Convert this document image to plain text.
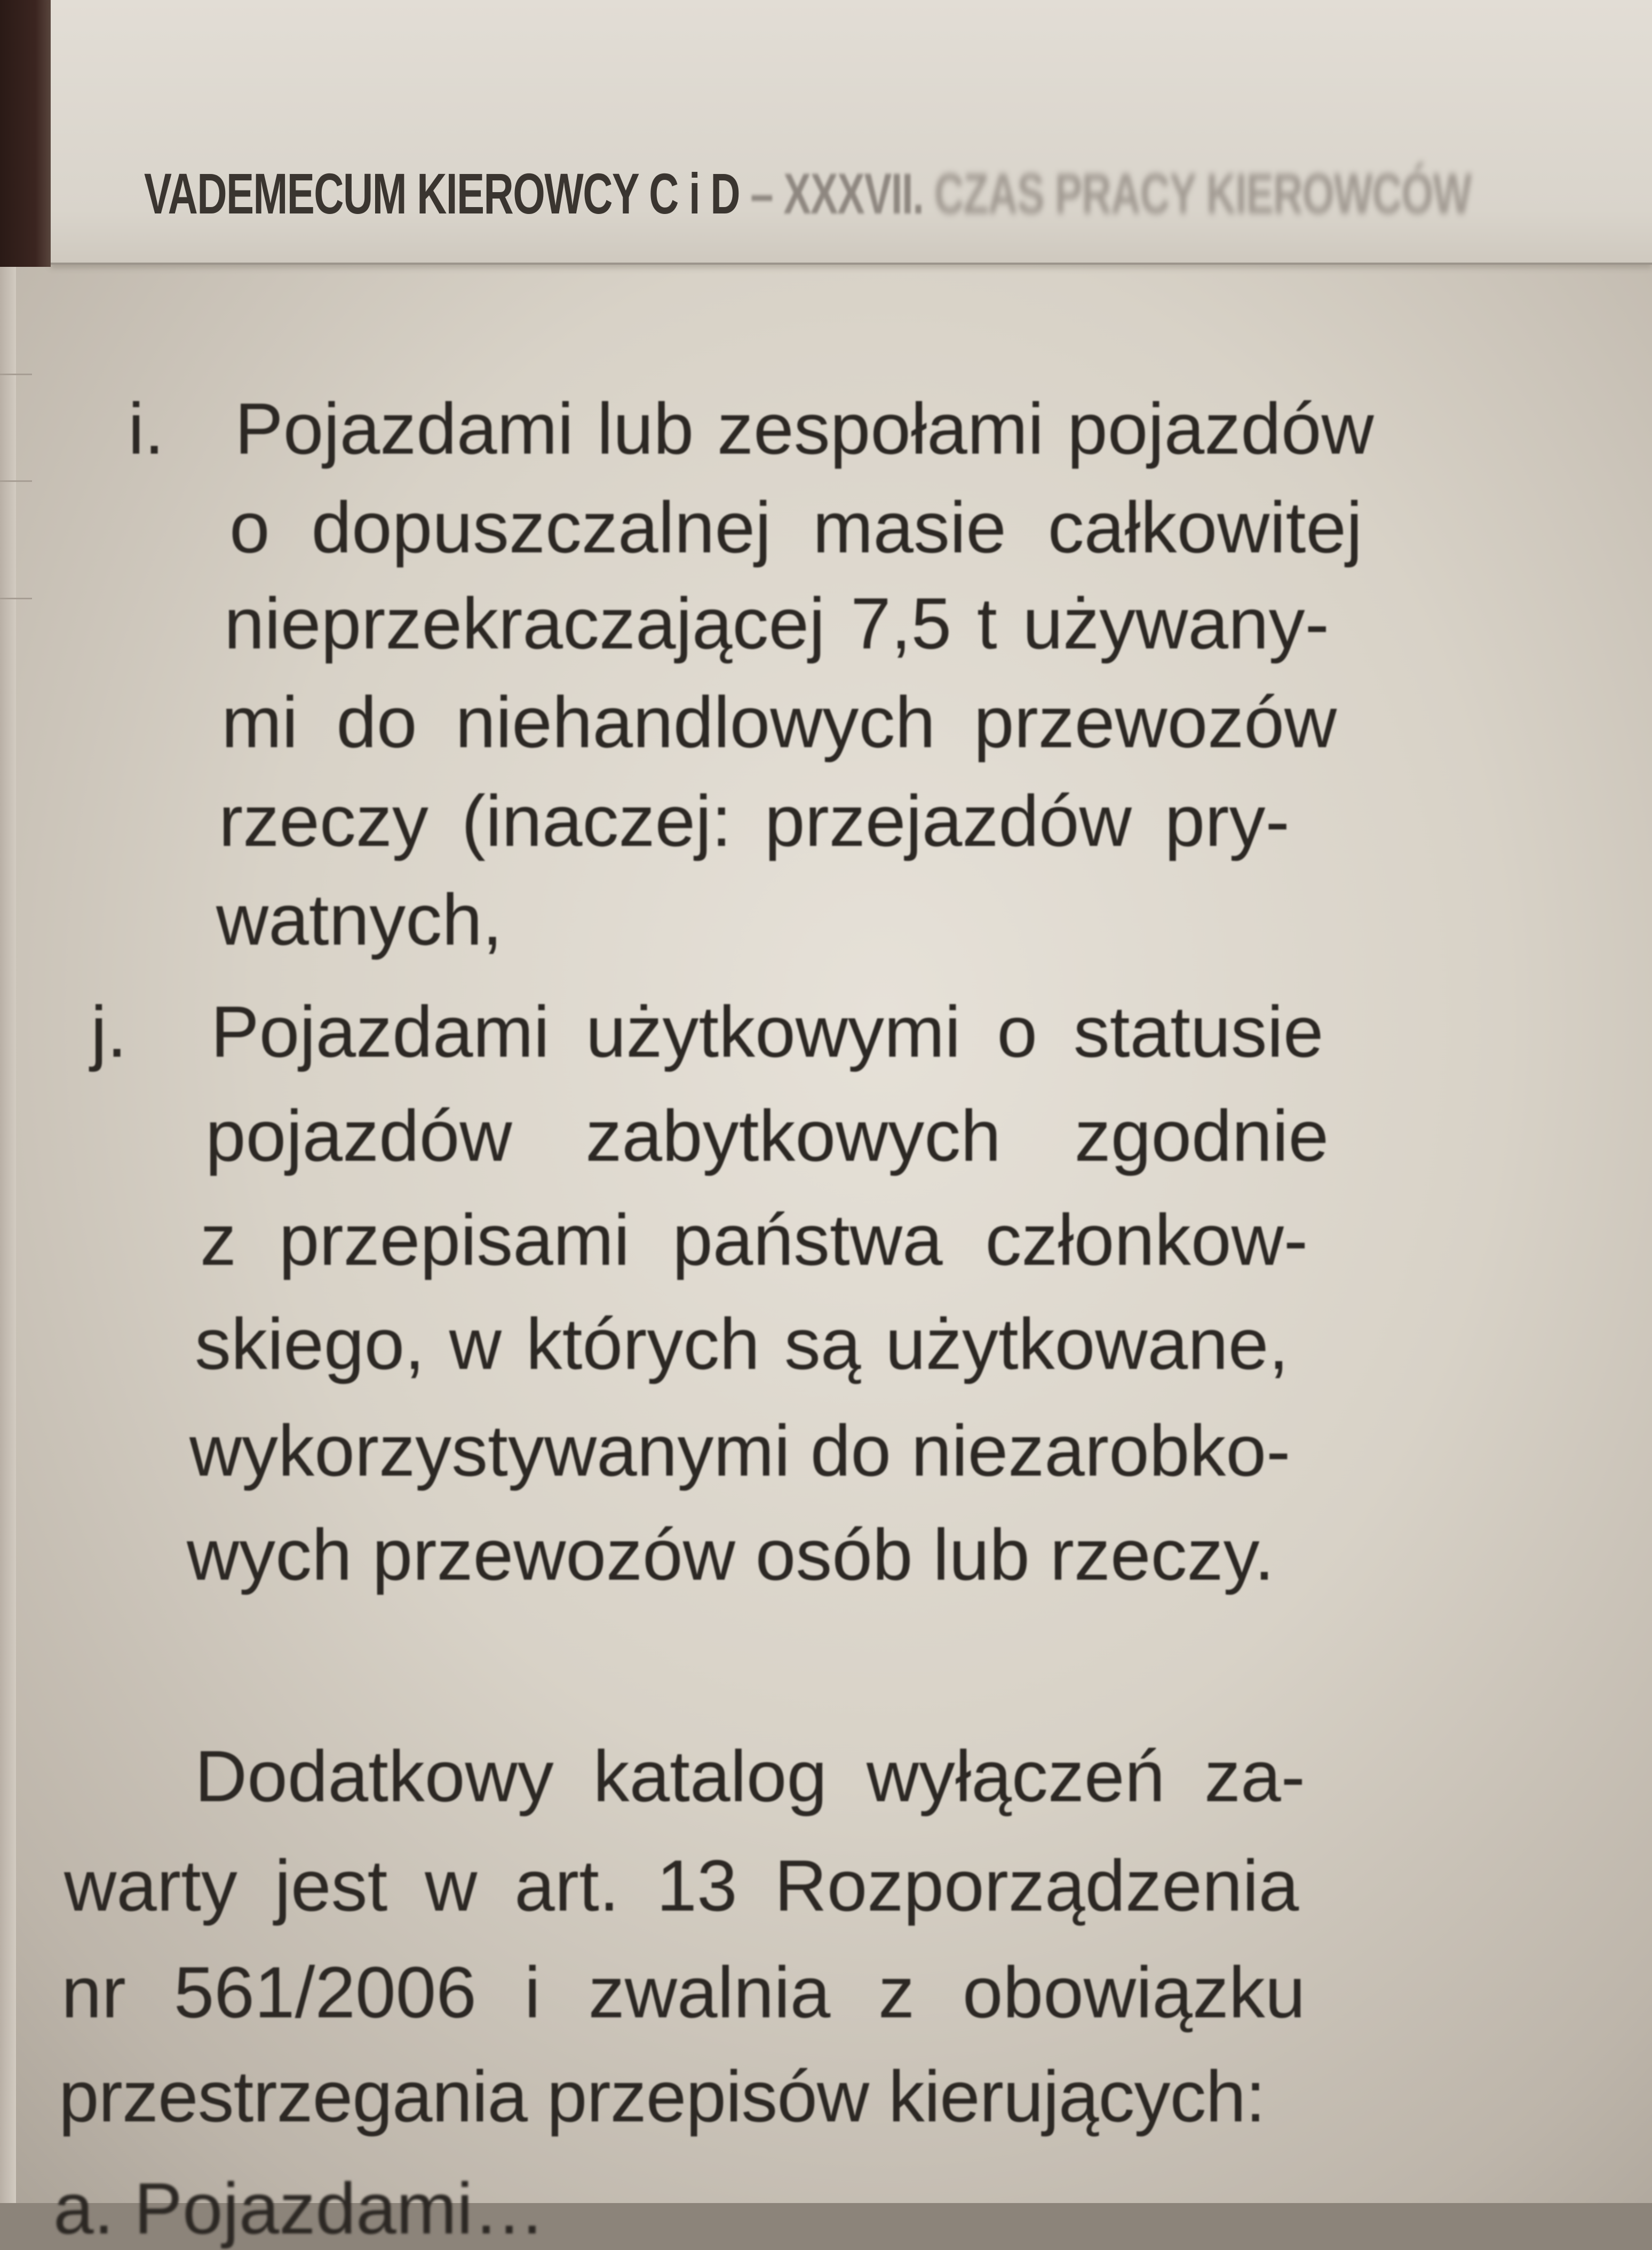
VADEMECUM KIEROWCY C i D – XXXVII. CZAS PRACY KIEROWCÓW
i. Pojazdami lub zespołami pojazdów
o dopuszczalnej masie całkowitej
nieprzekraczającej 7,5 t używany-
mi do niehandlowych przewozów
rzeczy (inaczej: przejazdów pry-
watnych,
j. Pojazdami użytkowymi o statusie
pojazdów zabytkowych zgodnie
z przepisami państwa członkow-
skiego, w których są użytkowane,
wykorzystywanymi do niezarobko-
wych przewozów osób lub rzeczy.
Dodatkowy katalog wyłączeń za-
warty jest w art. 13 Rozporządzenia
nr 561/2006 i zwalnia z obowiązku
przestrzegania przepisów kierujących:
a. Pojazdami…
